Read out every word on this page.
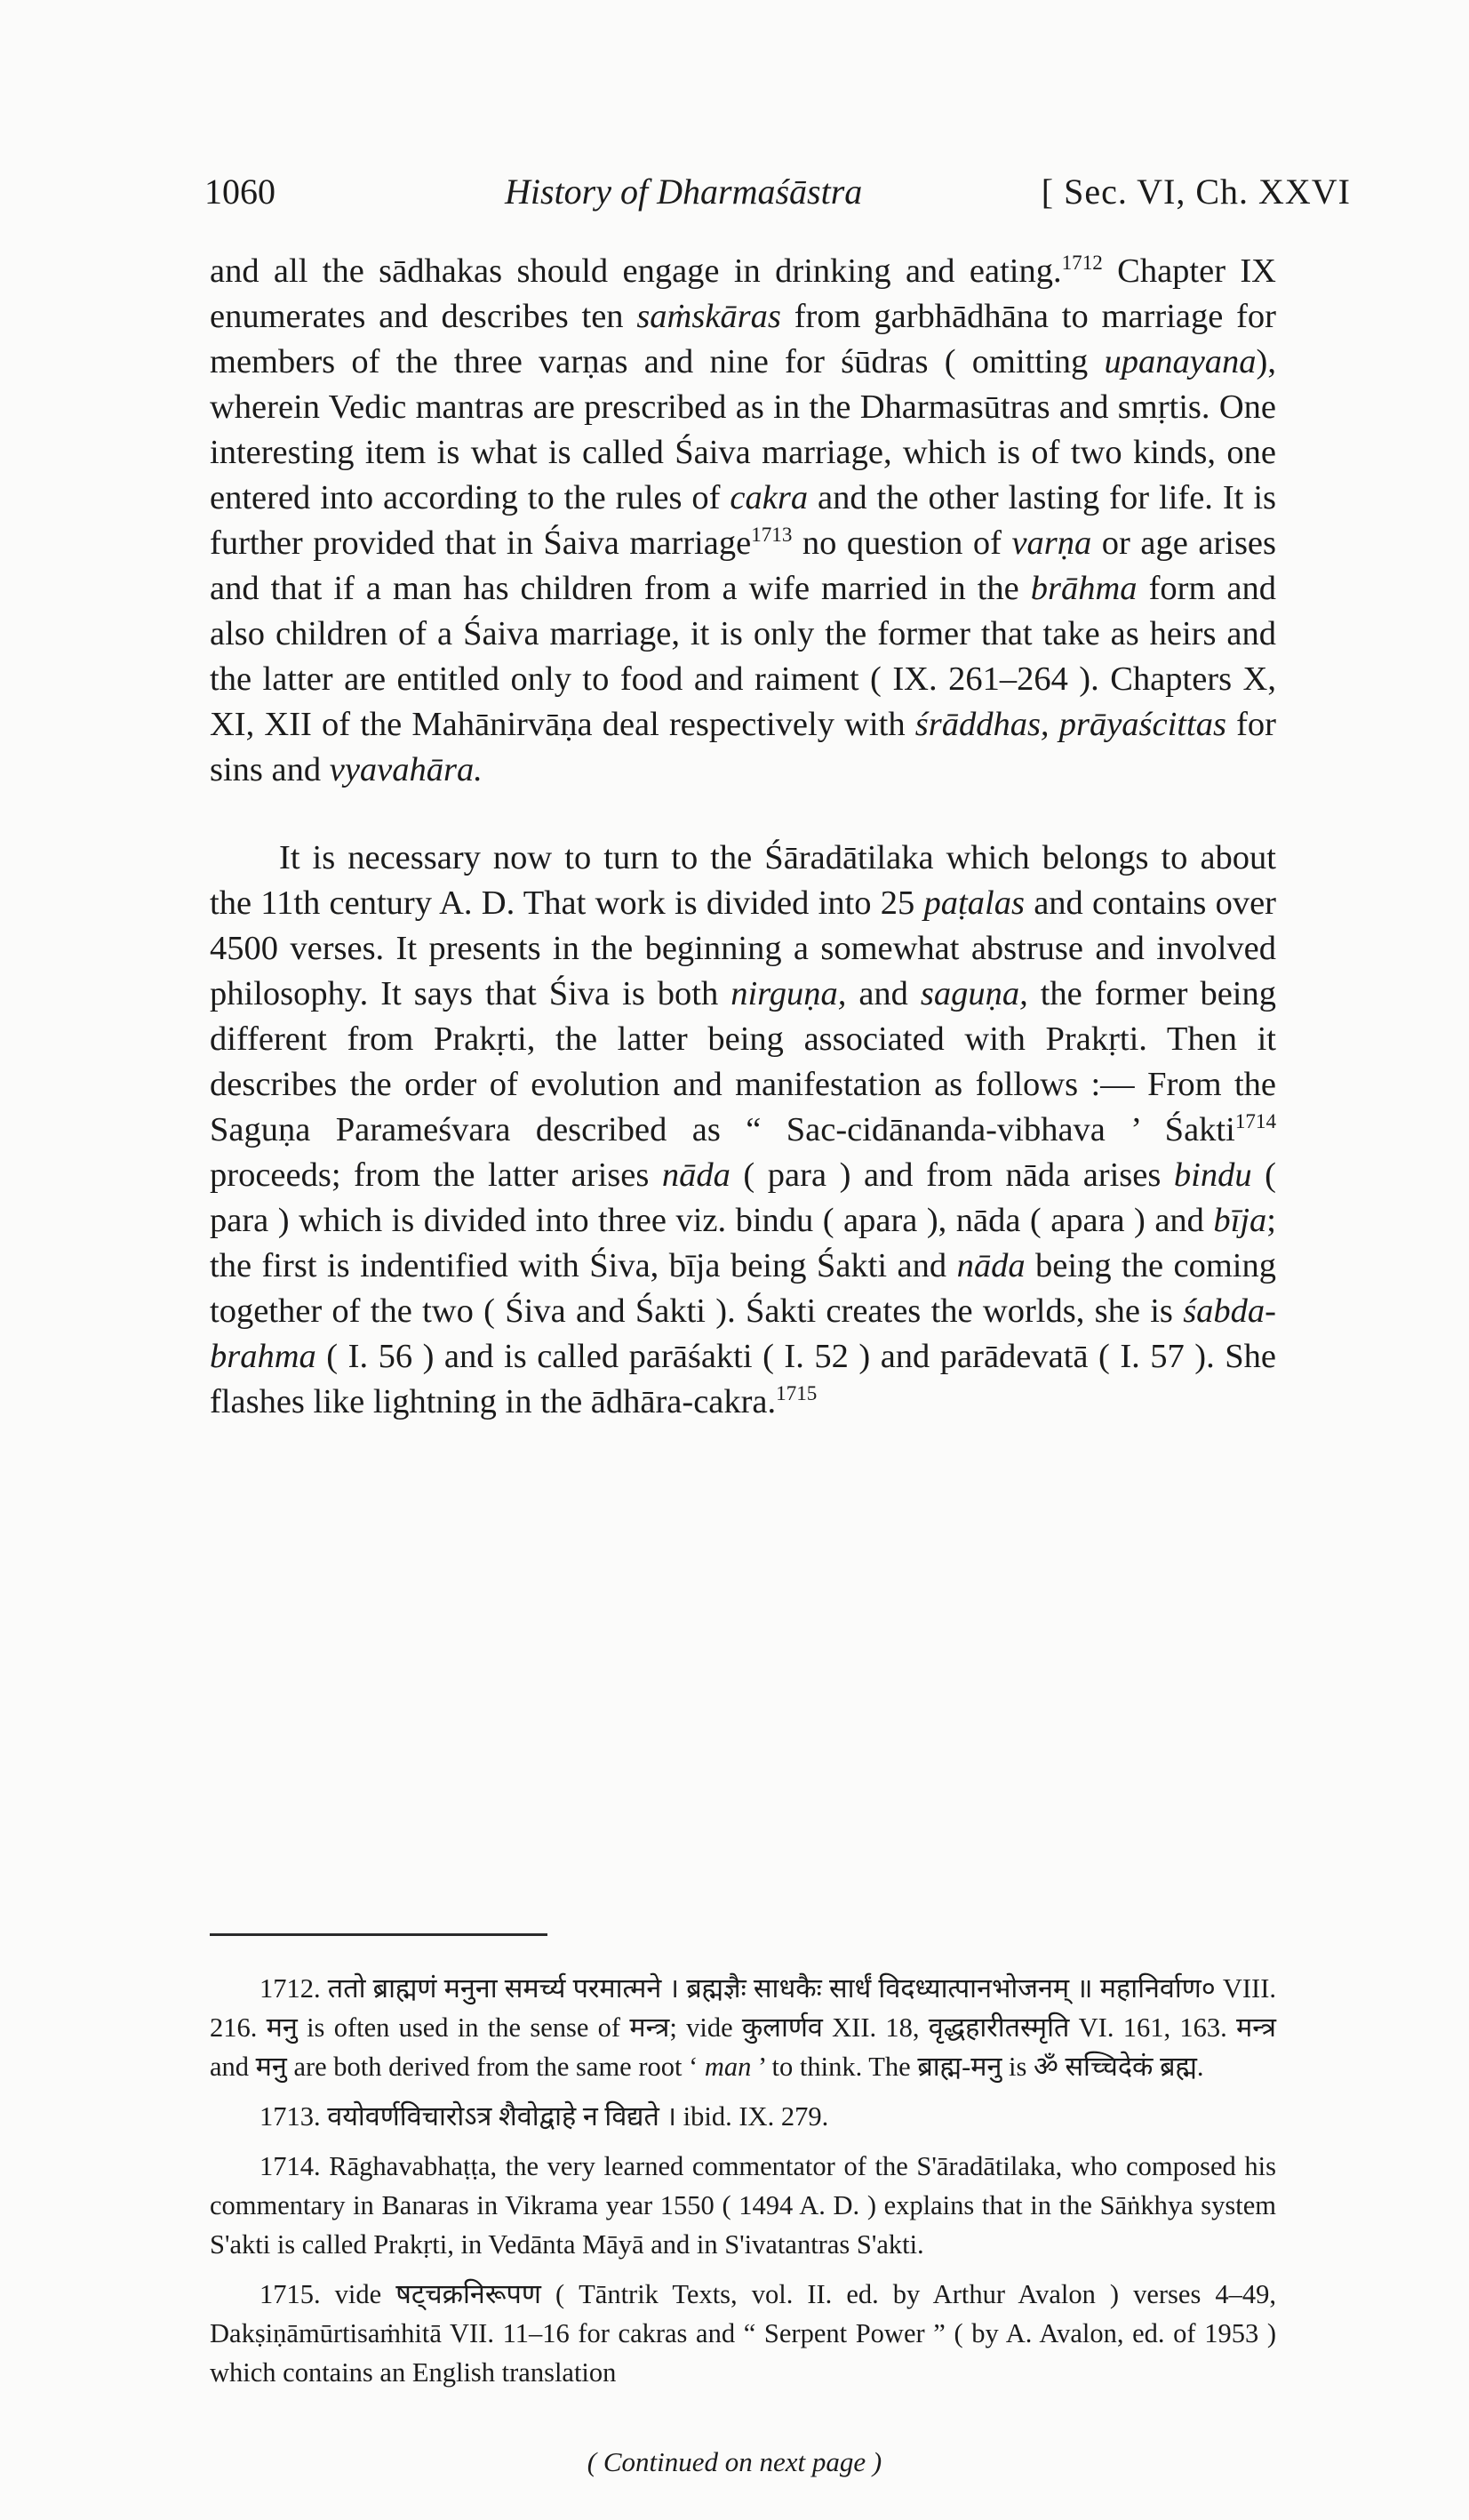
1060	History of Dharmaśāstra	[ Sec. VI, Ch. XXVI

and all the sādhakas should engage in drinking and eating.$^{1712}$ Chapter IX enumerates and describes ten saṁskāras from garbhādhāna to marriage for members of the three varṇas and nine for śūdras ( omitting upanayana), wherein Vedic mantras are prescribed as in the Dharmasūtras and smṛtis. One interesting item is what is called Śaiva marriage, which is of two kinds, one entered into according to the rules of cakra and the other lasting for life. It is further provided that in Śaiva marriage$^{1713}$ no question of varṇa or age arises and that if a man has children from a wife married in the brāhma form and also children of a Śaiva marriage, it is only the former that take as heirs and the latter are entitled only to food and raiment ( IX. 261–264 ). Chapters X, XI, XII of the Mahānirvāṇa deal respectively with śrāddhas, prāyaścittas for sins and vyavahāra.

It is necessary now to turn to the Śāradātilaka which belongs to about the 11th century A. D. That work is divided into 25 paṭalas and contains over 4500 verses. It presents in the beginning a somewhat abstruse and involved philosophy. It says that Śiva is both nirguṇa, and saguṇa, the former being different from Prakṛti, the latter being associated with Prakṛti. Then it describes the order of evolution and manifestation as follows :— From the Saguṇa Parameśvara described as “ Sac-cidānanda-vibhava ’ Śakti$^{1714}$ proceeds; from the latter arises nāda ( para ) and from nāda arises bindu ( para ) which is divided into three viz. bindu ( apara ), nāda ( apara ) and bīja; the first is indentified with Śiva, bīja being Śakti and nāda being the coming together of the two ( Śiva and Śakti ). Śakti creates the worlds, she is śabda-brahma ( I. 56 ) and is called parāśakti ( I. 52 ) and parādevatā ( I. 57 ). She flashes like lightning in the ādhāra-cakra.$^{1715}$

1712. ततो ब्राह्मणं मनुना समर्च्य परमात्मने । ब्रह्मज्ञैः साधकैः सार्धं विदध्यात्पानभोजनम् ॥ महानिर्वाण० VIII. 216. मनु is often used in the sense of मन्त्र; vide कुलार्णव XII. 18, वृद्धहारीतस्मृति VI. 161, 163. मन्त्र and मनु are both derived from the same root ‘ man ’ to think. The ब्राह्म-मनु is ॐ सच्चिदेकं ब्रह्म.

1713. वयोवर्णविचारोऽत्र शैवोद्वाहे न विद्यते । ibid. IX. 279.

1714. Rāghavabhaṭṭa, the very learned commentator of the S'āradātilaka, who composed his commentary in Banaras in Vikrama year 1550 ( 1494 A. D. ) explains that in the Sāṅkhya system S'akti is called Prakṛti, in Vedānta Māyā and in S'ivatantras S'akti.

1715. vide षट्चक्रनिरूपण ( Tāntrik Texts, vol. II. ed. by Arthur Avalon ) verses 4–49, Dakṣiṇāmūrtisaṁhitā VII. 11–16 for cakras and “ Serpent Power ” ( by A. Avalon, ed. of 1953 ) which contains an English translation

( Continued on next page )
